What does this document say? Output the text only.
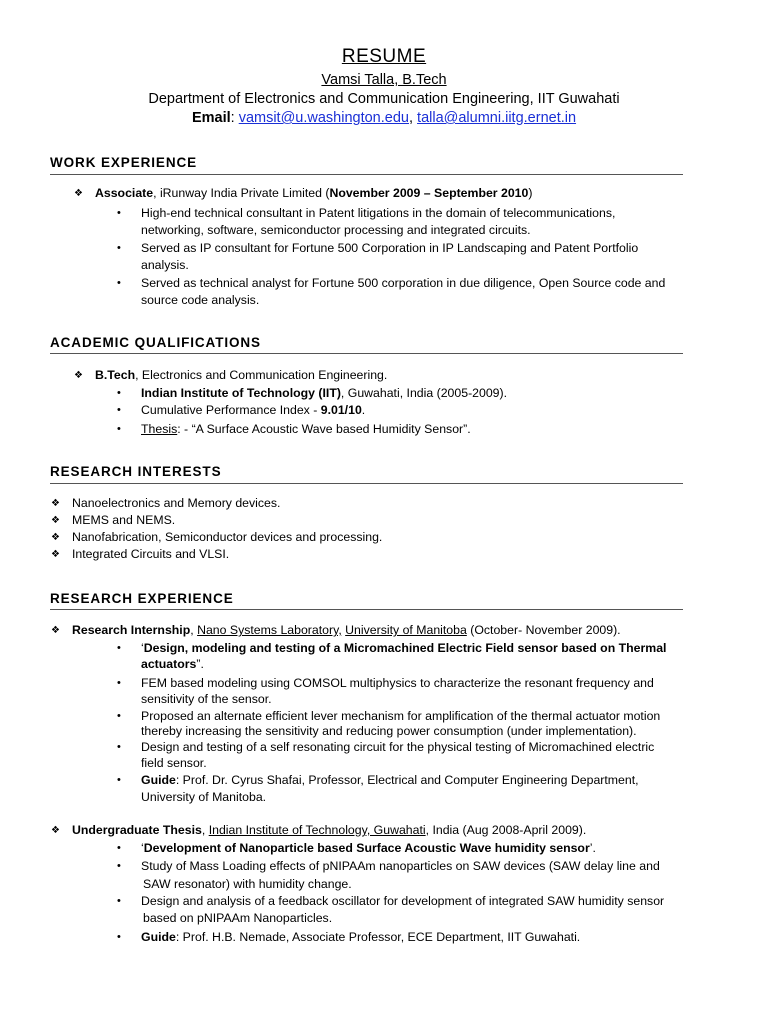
RESUME
Vamsi Talla, B.Tech
Department of Electronics and Communication Engineering, IIT Guwahati
Email: vamsit@u.washington.edu, talla@alumni.iitg.ernet.in
WORK EXPERIENCE
❖ Associate, iRunway India Private Limited (November 2009 – September 2010)
• High-end technical consultant in Patent litigations in the domain of telecommunications,
networking, software, semiconductor processing and integrated circuits.
• Served as IP consultant for Fortune 500 Corporation in IP Landscaping and Patent Portfolio
analysis.
• Served as technical analyst for Fortune 500 corporation in due diligence, Open Source code and
source code analysis.
ACADEMIC QUALIFICATIONS
❖ B.Tech, Electronics and Communication Engineering.
• Indian Institute of Technology (IIT), Guwahati, India (2005-2009).
• Cumulative Performance Index - 9.01/10.
• Thesis: - “A Surface Acoustic Wave based Humidity Sensor”.
RESEARCH INTERESTS
❖ Nanoelectronics and Memory devices.
❖ MEMS and NEMS.
❖ Nanofabrication, Semiconductor devices and processing.
❖ Integrated Circuits and VLSI.
RESEARCH EXPERIENCE
❖ Research Internship, Nano Systems Laboratory, University of Manitoba (October- November 2009).
• ‘Design, modeling and testing of a Micromachined Electric Field sensor based on Thermal
actuators”.
• FEM based modeling using COMSOL multiphysics to characterize the resonant frequency and
sensitivity of the sensor.
• Proposed an alternate efficient lever mechanism for amplification of the thermal actuator motion
thereby increasing the sensitivity and reducing power consumption (under implementation).
• Design and testing of a self resonating circuit for the physical testing of Micromachined electric
field sensor.
• Guide: Prof. Dr. Cyrus Shafai, Professor, Electrical and Computer Engineering Department,
University of Manitoba.
❖ Undergraduate Thesis, Indian Institute of Technology, Guwahati, India (Aug 2008-April 2009).
• ‘Development of Nanoparticle based Surface Acoustic Wave humidity sensor’.
• Study of Mass Loading effects of pNIPAAm nanoparticles on SAW devices (SAW delay line and
SAW resonator) with humidity change.
• Design and analysis of a feedback oscillator for development of integrated SAW humidity sensor
based on pNIPAAm Nanoparticles.
• Guide: Prof. H.B. Nemade, Associate Professor, ECE Department, IIT Guwahati.
